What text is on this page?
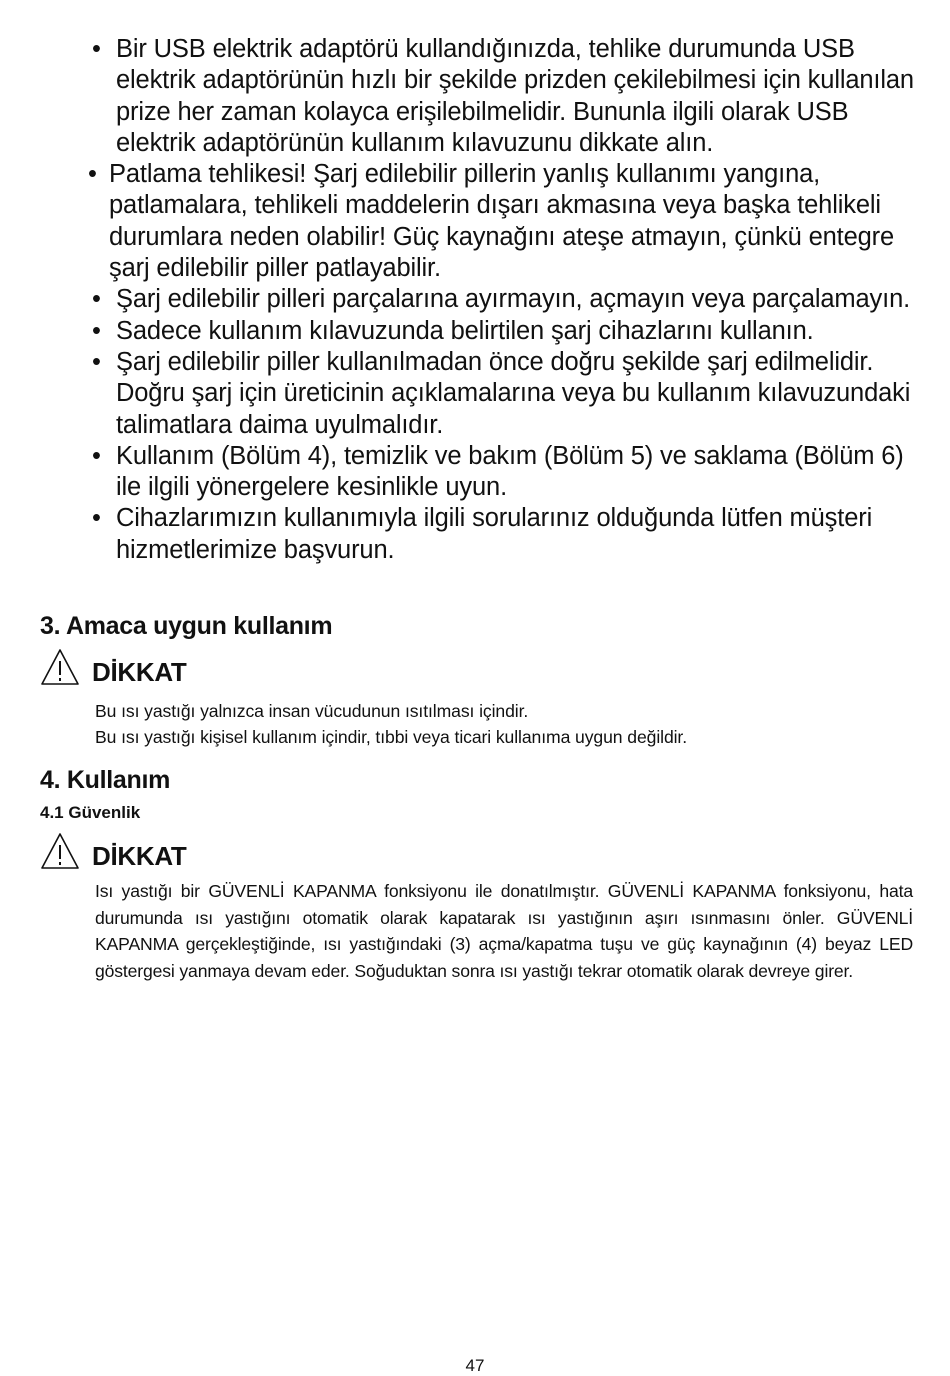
• Bir USB elektrik adaptörü kullandığınızda, tehlike durumunda USB elektrik adaptörünün hızlı bir şekilde prizden çekilebilmesi için kullanılan prize her zaman kolayca erişilebilmelidir. Bununla ilgili olarak USB elektrik adaptörünün kullanım kılavuzunu dikkate alın.
• Patlama tehlikesi! Şarj edilebilir pillerin yanlış kullanımı yangına, patlamalara, tehlikeli maddelerin dışarı akmasına veya başka tehlikeli durumlara neden olabilir! Güç kaynağını ateşe atmayın, çünkü entegre şarj edilebilir piller patlayabilir.
• Şarj edilebilir pilleri parçalarına ayırmayın, açmayın veya parçalamayın.
• Sadece kullanım kılavuzunda belirtilen şarj cihazlarını kullanın.
• Şarj edilebilir piller kullanılmadan önce doğru şekilde şarj edilmelidir. Doğru şarj için üreticinin açıklamalarına veya bu kullanım kılavuzundaki talimatlara daima uyulmalıdır.
• Kullanım (Bölüm 4), temizlik ve bakım (Bölüm 5) ve saklama (Bölüm 6) ile ilgili yönergelere kesinlikle uyun.
• Cihazlarımızın kullanımıyla ilgili sorularınız olduğunda lütfen müşteri hizmetlerimize başvurun.
3. Amaca uygun kullanım
DİKKAT
Bu ısı yastığı yalnızca insan vücudunun ısıtılması içindir.
Bu ısı yastığı kişisel kullanım içindir, tıbbi veya ticari kullanıma uygun değildir.
4. Kullanım
4.1 Güvenlik
DİKKAT
Isı yastığı bir GÜVENLİ KAPANMA fonksiyonu ile donatılmıştır. GÜVENLİ KAPANMA fonksiyonu, hata durumunda ısı yastığını otomatik olarak kapatarak ısı yastığının aşırı ısınmasını önler. GÜVENLİ KAPANMA gerçekleştiğinde, ısı yastığındaki (3) açma/kapatma tuşu ve güç kaynağının (4) beyaz LED göstergesi yanmaya devam eder. Soğuduktan sonra ısı yastığı tekrar otomatik olarak devreye girer.
47
